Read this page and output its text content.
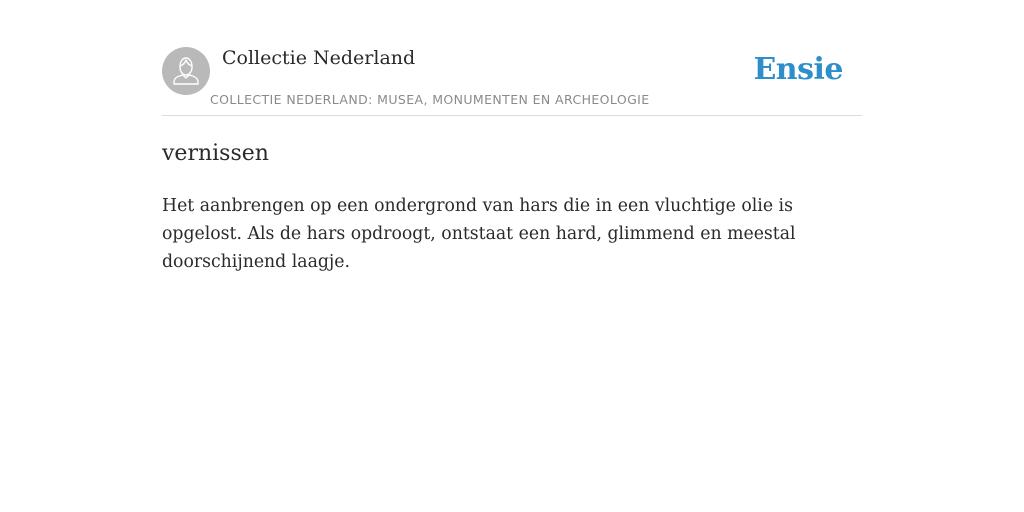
Collectie Nederland
COLLECTIE NEDERLAND: MUSEA, MONUMENTEN EN ARCHEOLOGIE
Ensie
vernissen

Het aanbrengen op een ondergrond van hars die in een vluchtige olie is opgelost. Als de hars opdroogt, ontstaat een hard, glimmend en meestal doorschijnend laagje.
